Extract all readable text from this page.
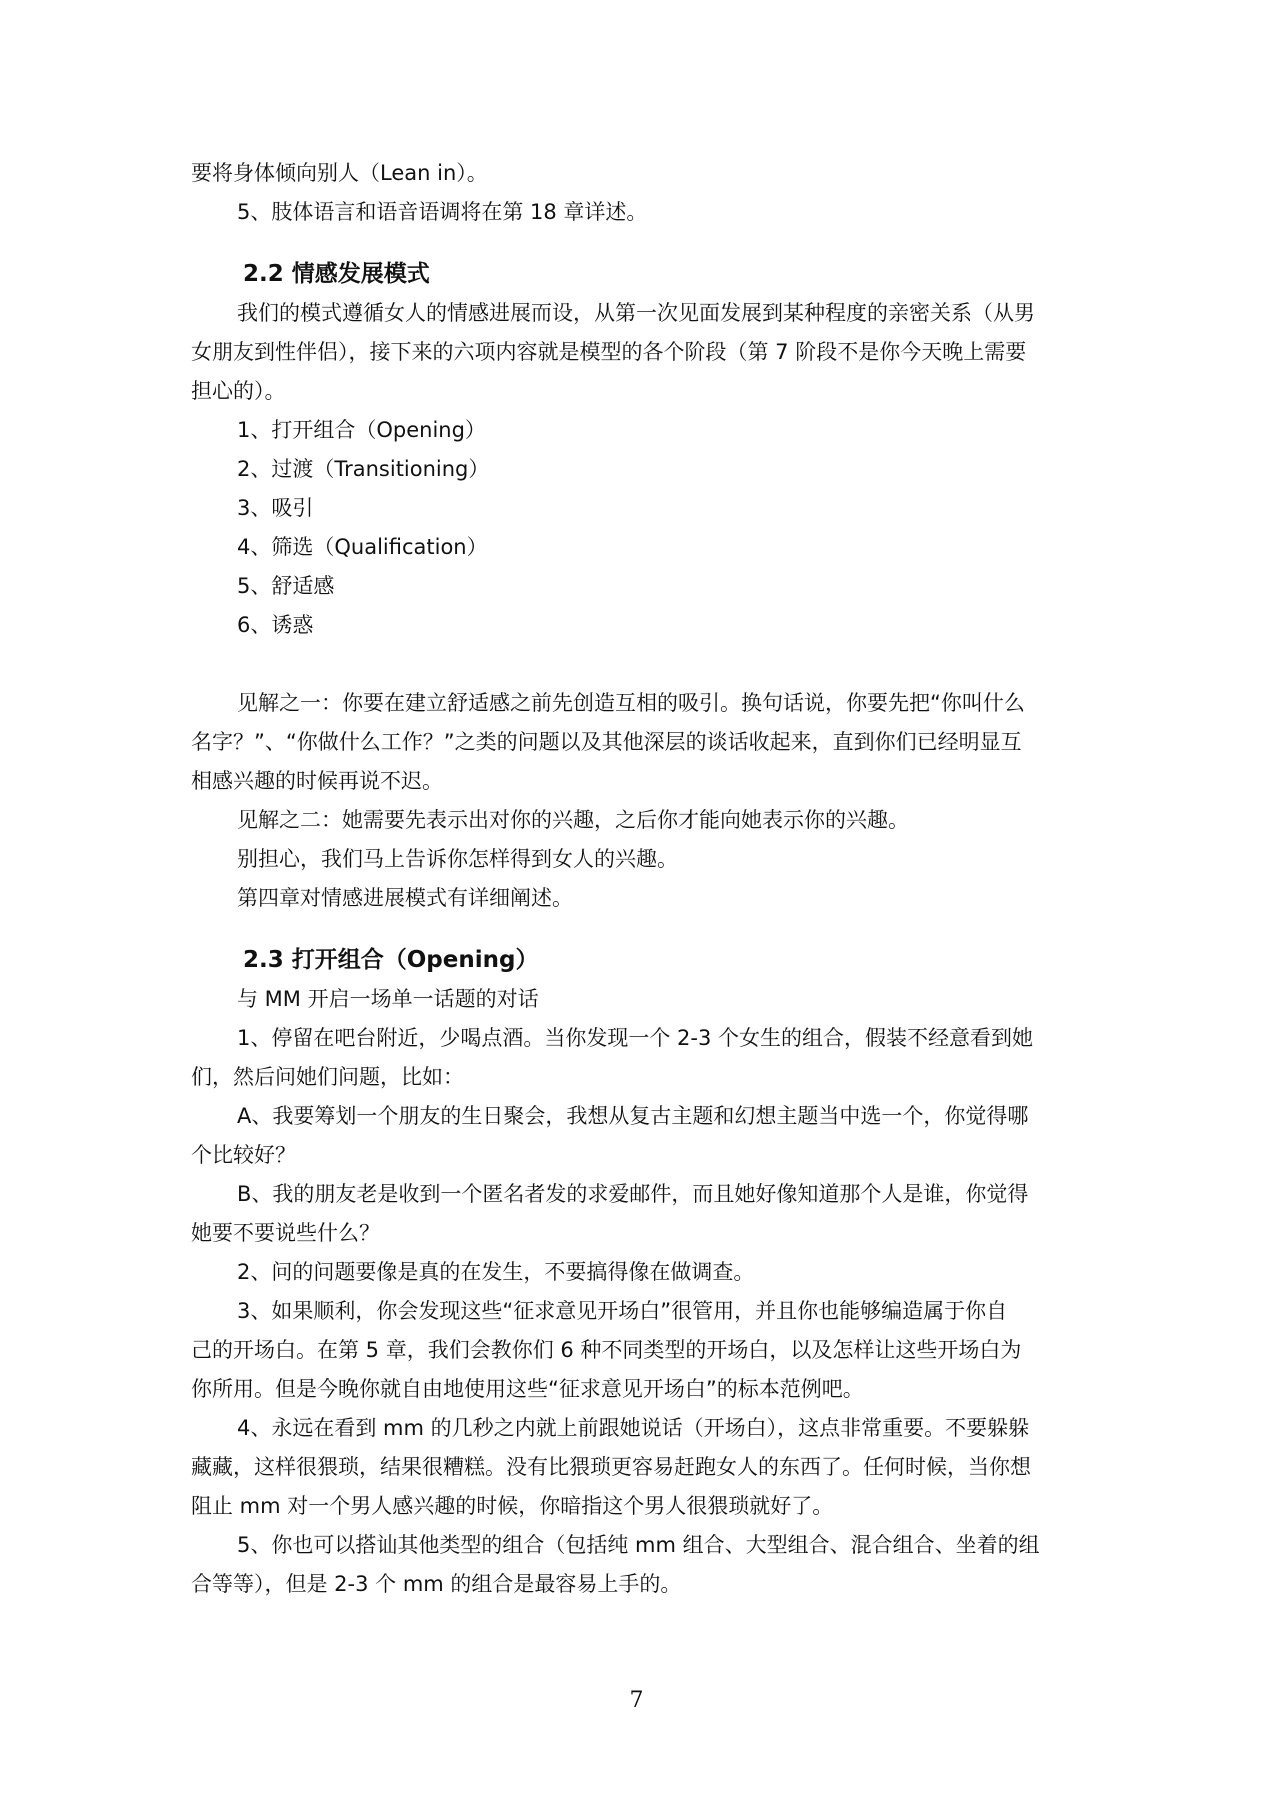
要将身体倾向别人（Lean in）。
5、肢体语言和语音语调将在第 18 章详述。
2.2 情感发展模式
我们的模式遵循女人的情感进展而设，从第一次见面发展到某种程度的亲密关系（从男
女朋友到性伴侣），接下来的六项内容就是模型的各个阶段（第 7 阶段不是你今天晚上需要
担心的）。
1、打开组合（Opening）
2、过渡（Transitioning）
3、吸引
4、筛选（Qualification）
5、舒适感
6、诱惑
见解之一：你要在建立舒适感之前先创造互相的吸引。换句话说，你要先把“你叫什么
名字？”、“你做什么工作？”之类的问题以及其他深层的谈话收起来，直到你们已经明显互
相感兴趣的时候再说不迟。
见解之二：她需要先表示出对你的兴趣，之后你才能向她表示你的兴趣。
别担心，我们马上告诉你怎样得到女人的兴趣。
第四章对情感进展模式有详细阐述。
2.3 打开组合（Opening）
与 MM 开启一场单一话题的对话
1、停留在吧台附近，少喝点酒。当你发现一个 2-3 个女生的组合，假装不经意看到她
们，然后问她们问题，比如：
A、我要筹划一个朋友的生日聚会，我想从复古主题和幻想主题当中选一个，你觉得哪
个比较好？
B、我的朋友老是收到一个匿名者发的求爱邮件，而且她好像知道那个人是谁，你觉得
她要不要说些什么？
2、问的问题要像是真的在发生，不要搞得像在做调查。
3、如果顺利，你会发现这些“征求意见开场白”很管用，并且你也能够编造属于你自
己的开场白。在第 5 章，我们会教你们 6 种不同类型的开场白，以及怎样让这些开场白为
你所用。但是今晚你就自由地使用这些“征求意见开场白”的标本范例吧。
4、永远在看到 mm 的几秒之内就上前跟她说话（开场白），这点非常重要。不要躲躲
藏藏，这样很猥琐，结果很糟糕。没有比猥琐更容易赶跑女人的东西了。任何时候，当你想
阻止 mm 对一个男人感兴趣的时候，你暗指这个男人很猥琐就好了。
5、你也可以搭讪其他类型的组合（包括纯 mm 组合、大型组合、混合组合、坐着的组
合等等），但是 2-3 个 mm 的组合是最容易上手的。
7
